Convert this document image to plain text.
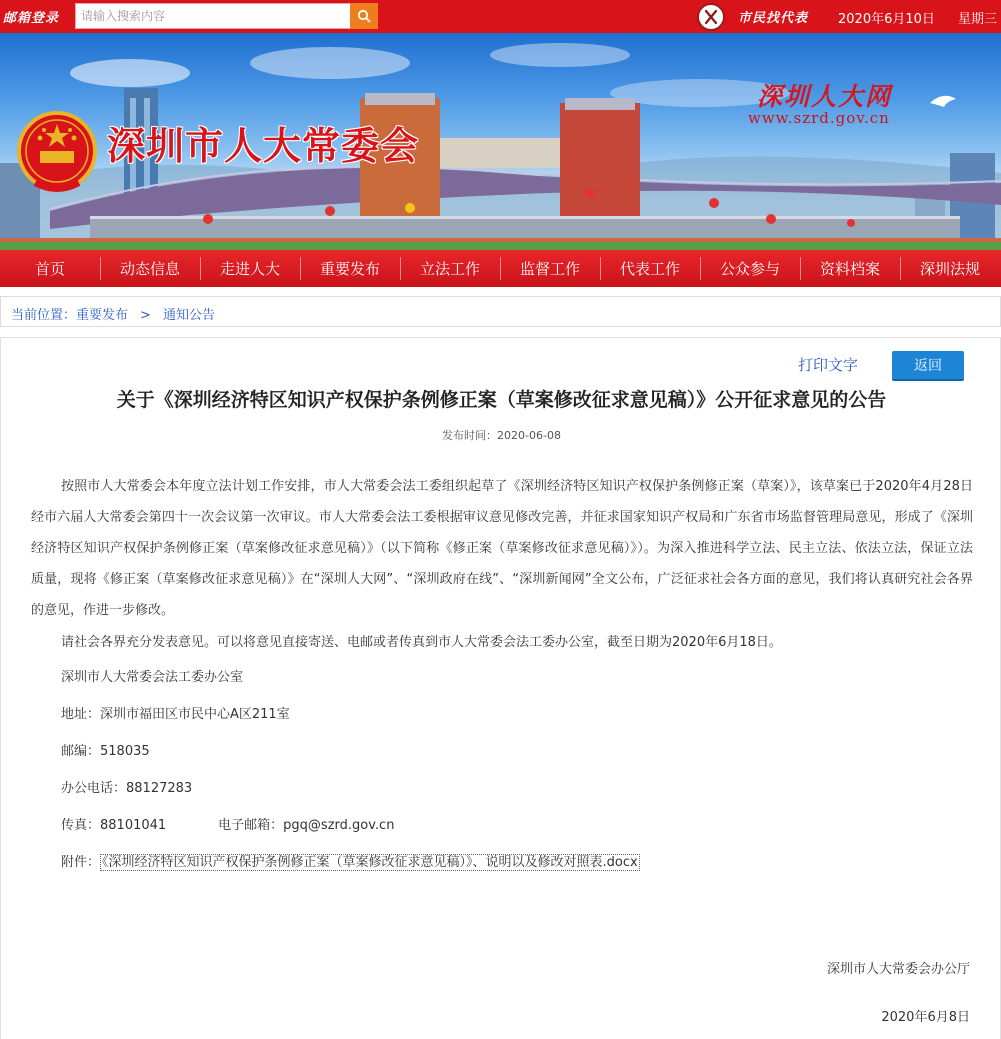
邮箱登录
请输入搜索内容	市民找代表 2020年6月10日 星期三
深圳市人大常委会
深圳人大网
www.szrd.gov.cn
首页	动态信息	走进人大	重要发布	立法工作	监督工作	代表工作	公众参与	资料档案	深圳法规
当前位置：重要发布 > 通知公告
打印文字	返回
关于《深圳经济特区知识产权保护条例修正案（草案修改征求意见稿）》公开征求意见的公告
发布时间：2020-06-08

按照市人大常委会本年度立法计划工作安排，市人大常委会法工委组织起草了《深圳经济特区知识产权保护条例修正案（草案）》，该草案已于2020年4月28日经市六届人大常委会第四十一次会议第一次审议。市人大常委会法工委根据审议意见修改完善，并征求国家知识产权局和广东省市场监督管理局意见，形成了《深圳经济特区知识产权保护条例修正案（草案修改征求意见稿）》（以下简称《修正案（草案修改征求意见稿）》）。为深入推进科学立法、民主立法、依法立法，保证立法质量，现将《修正案（草案修改征求意见稿）》在“深圳人大网”、“深圳政府在线”、“深圳新闻网”全文公布，广泛征求社会各方面的意见，我们将认真研究社会各界的意见，作进一步修改。

请社会各界充分发表意见。可以将意见直接寄送、电邮或者传真到市人大常委会法工委办公室，截至日期为2020年6月18日。

深圳市人大常委会法工委办公室

地址：深圳市福田区市民中心A区211室

邮编：518035

办公电话：88127283

传真：88101041	电子邮箱：pgq@szrd.gov.cn

附件： 《深圳经济特区知识产权保护条例修正案（草案修改征求意见稿）》、说明以及修改对照表.docx

深圳市人大常委会办公厅
2020年6月8日
